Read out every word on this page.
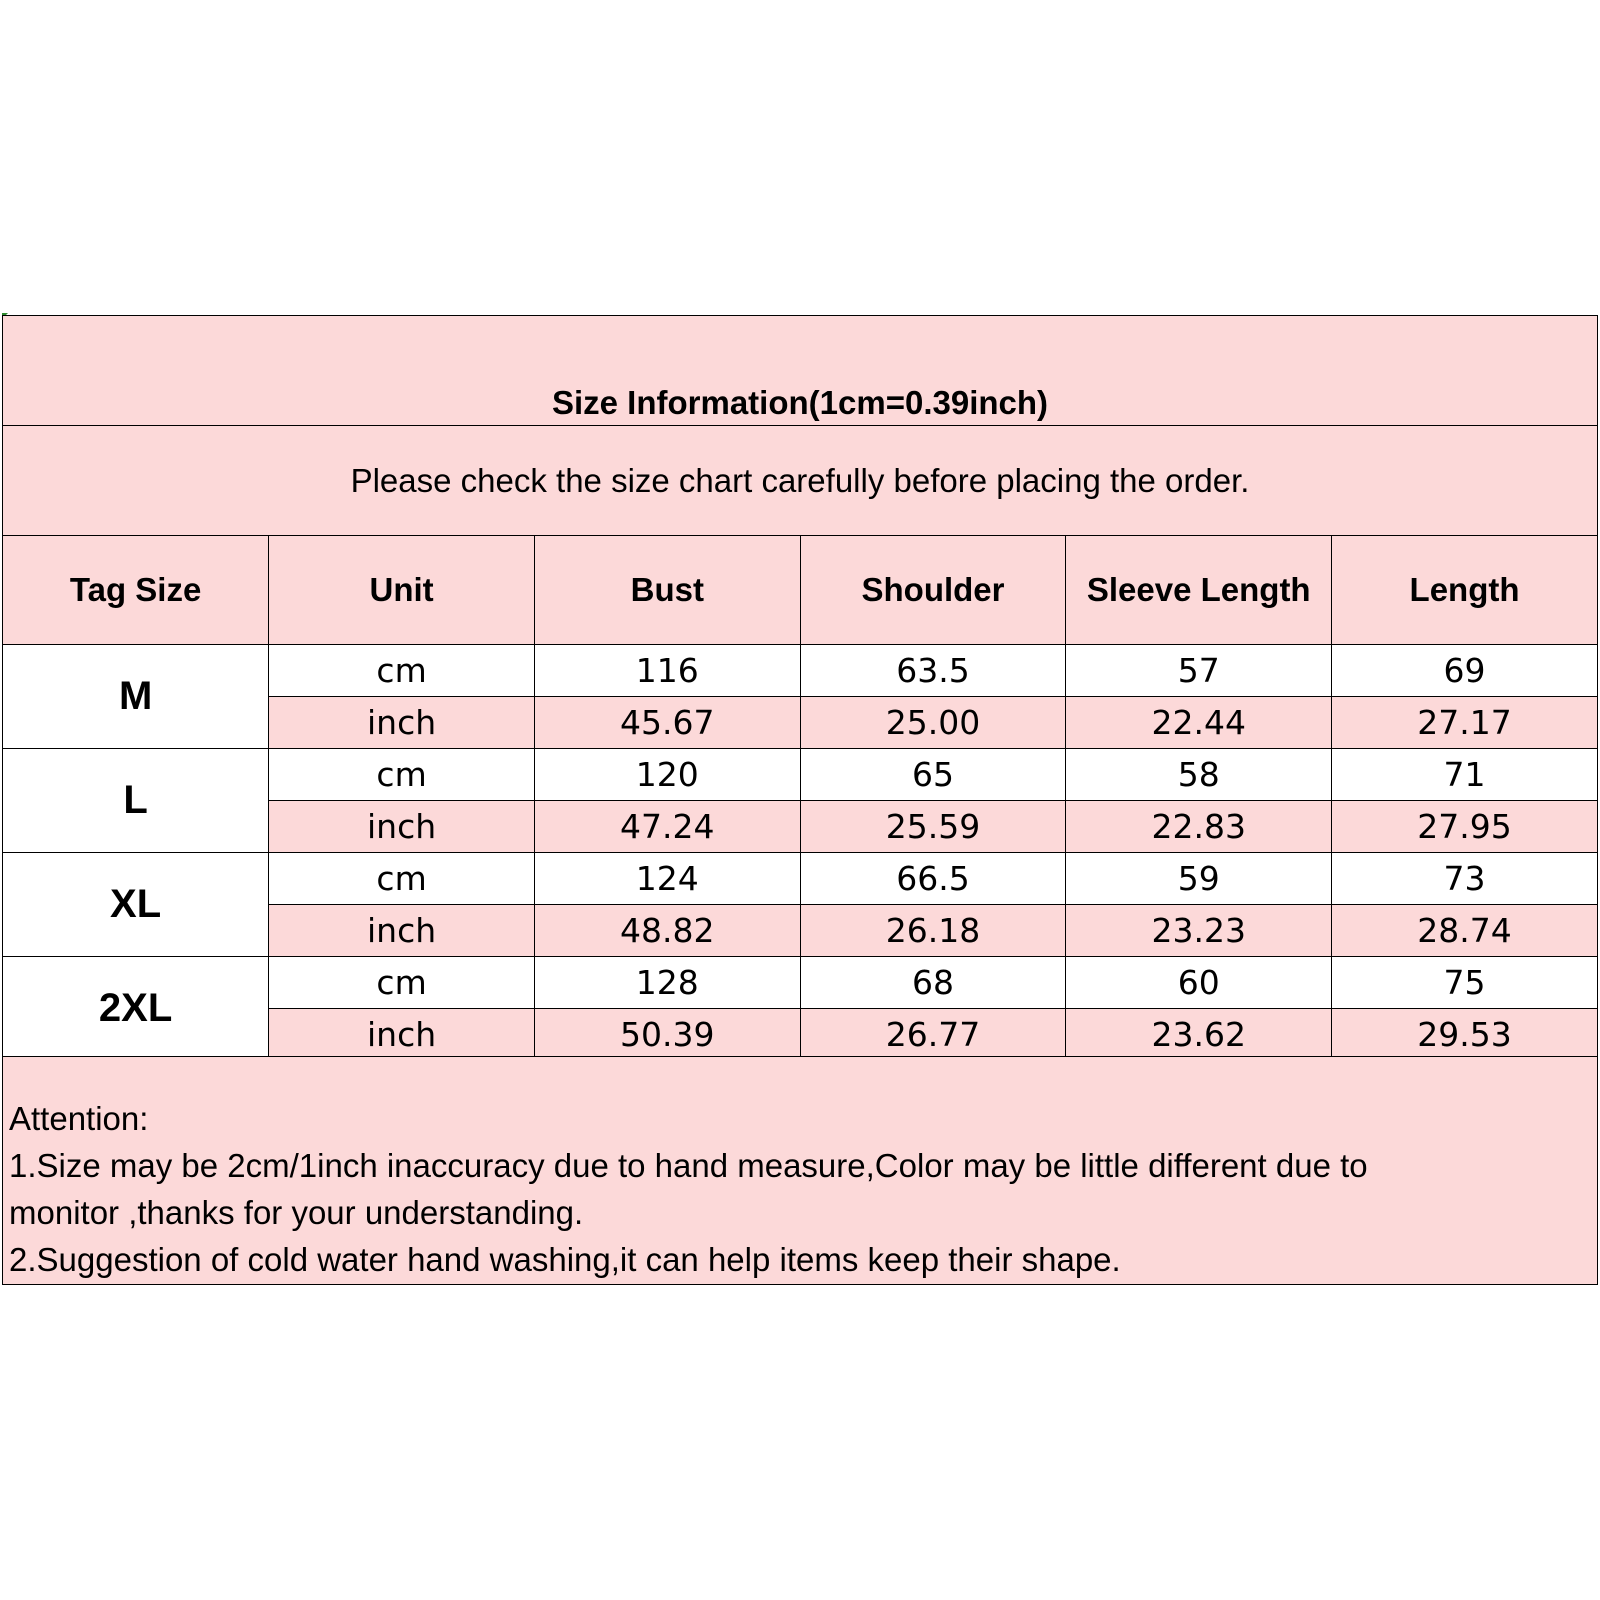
Size Information(1cm=0.39inch)
Please check the size chart carefully before placing the order.
Tag Size	Unit	Bust	Shoulder	Sleeve Length	Length
M	cm	116	63.5	57	69
	inch	45.67	25.00	22.44	27.17
L	cm	120	65	58	71
	inch	47.24	25.59	22.83	27.95
XL	cm	124	66.5	59	73
	inch	48.82	26.18	23.23	28.74
2XL	cm	128	68	60	75
	inch	50.39	26.77	23.62	29.53
Attention:
1.Size may be 2cm/1inch inaccuracy due to hand measure,Color may be little different due to
monitor ,thanks for your understanding.
2.Suggestion of cold water hand washing,it can help items keep their shape.
